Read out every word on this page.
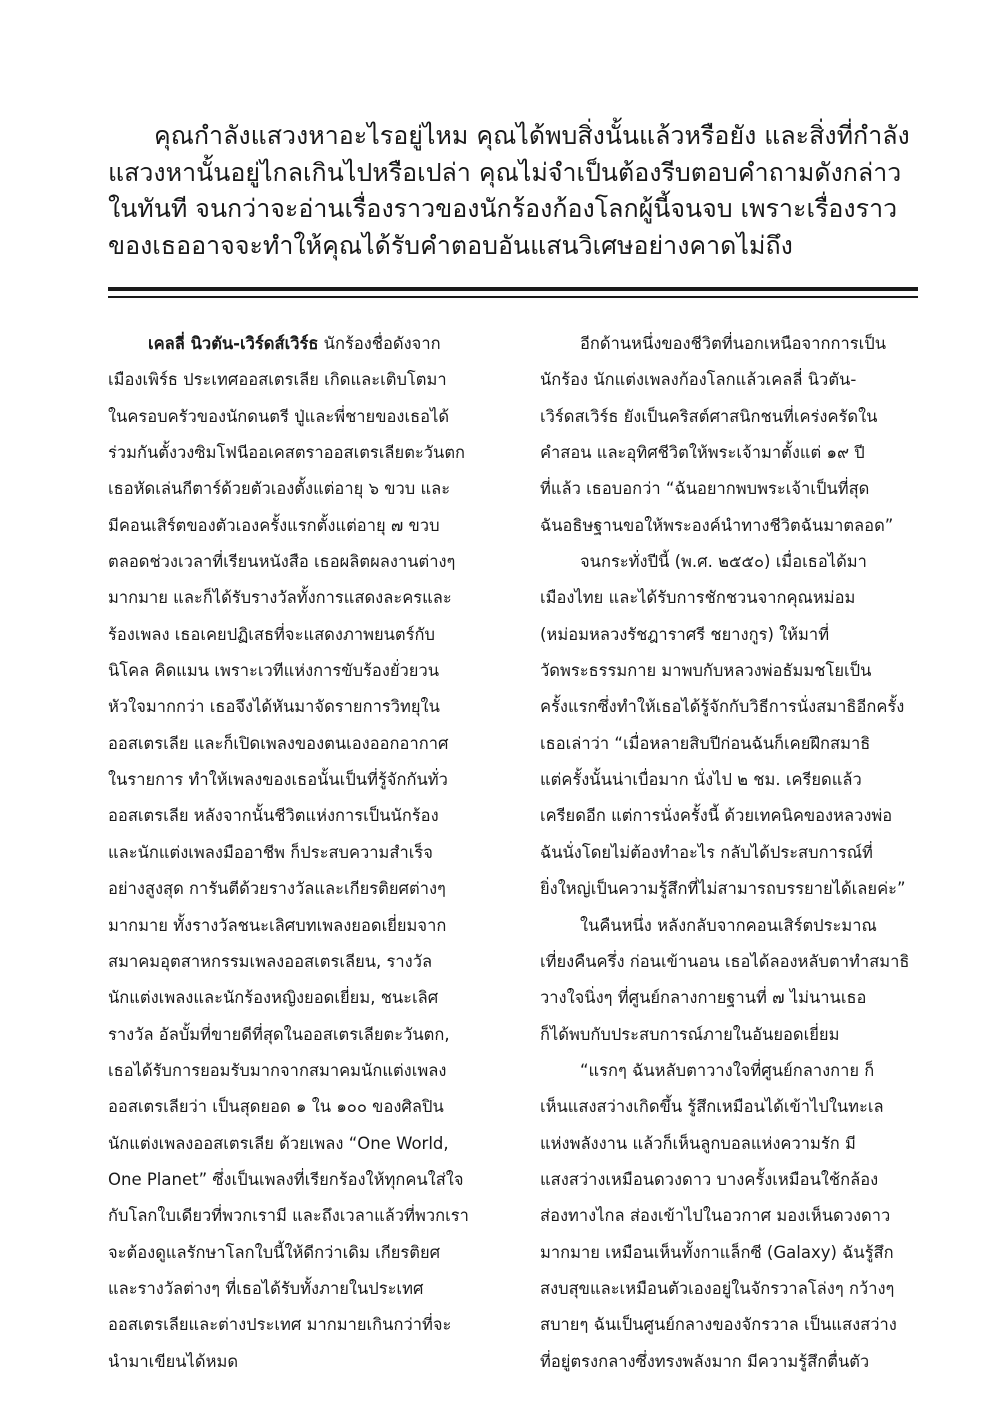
คุณกำลังแสวงหาอะไรอยู่ไหม คุณได้พบสิ่งนั้นแล้วหรือยัง และสิ่งที่กำลัง
แสวงหานั้นอยู่ไกลเกินไปหรือเปล่า คุณไม่จำเป็นต้องรีบตอบคำถามดังกล่าว
ในทันที จนกว่าจะอ่านเรื่องราวของนักร้องก้องโลกผู้นี้จนจบ เพราะเรื่องราว
ของเธออาจจะทำให้คุณได้รับคำตอบอันแสนวิเศษอย่างคาดไม่ถึง
เคลลี่ นิวตัน-เวิร์ดส์เวิร์ธ นักร้องชื่อดังจาก
เมืองเพิร์ธ ประเทศออสเตรเลีย เกิดและเติบโตมา
ในครอบครัวของนักดนตรี ปู่และพี่ชายของเธอได้
ร่วมกันตั้งวงซิมโฟนีออเคสตราออสเตรเลียตะวันตก
เธอหัดเล่นกีตาร์ด้วยตัวเองตั้งแต่อายุ ๖ ขวบ และ
มีคอนเสิร์ตของตัวเองครั้งแรกตั้งแต่อายุ ๗ ขวบ
ตลอดช่วงเวลาที่เรียนหนังสือ เธอผลิตผลงานต่างๆ
มากมาย และก็ได้รับรางวัลทั้งการแสดงละครและ
ร้องเพลง เธอเคยปฏิเสธที่จะแสดงภาพยนตร์กับ
นิโคล คิดแมน เพราะเวทีแห่งการขับร้องยั่วยวน
หัวใจมากกว่า เธอจึงได้หันมาจัดรายการวิทยุใน
ออสเตรเลีย และก็เปิดเพลงของตนเองออกอากาศ
ในรายการ ทำให้เพลงของเธอนั้นเป็นที่รู้จักกันทั่ว
ออสเตรเลีย หลังจากนั้นชีวิตแห่งการเป็นนักร้อง
และนักแต่งเพลงมืออาชีพ ก็ประสบความสำเร็จ
อย่างสูงสุด การันตีด้วยรางวัลและเกียรติยศต่างๆ
มากมาย ทั้งรางวัลชนะเลิศบทเพลงยอดเยี่ยมจาก
สมาคมอุตสาหกรรมเพลงออสเตรเลียน, รางวัล
นักแต่งเพลงและนักร้องหญิงยอดเยี่ยม, ชนะเลิศ
รางวัล อัลบั้มที่ขายดีที่สุดในออสเตรเลียตะวันตก,
เธอได้รับการยอมรับมากจากสมาคมนักแต่งเพลง
ออสเตรเลียว่า เป็นสุดยอด ๑ ใน ๑๐๐ ของศิลปิน
นักแต่งเพลงออสเตรเลีย ด้วยเพลง “One World,
One Planet” ซึ่งเป็นเพลงที่เรียกร้องให้ทุกคนใส่ใจ
กับโลกใบเดียวที่พวกเรามี และถึงเวลาแล้วที่พวกเรา
จะต้องดูแลรักษาโลกใบนี้ให้ดีกว่าเดิม เกียรติยศ
และรางวัลต่างๆ ที่เธอได้รับทั้งภายในประเทศ
ออสเตรเลียและต่างประเทศ มากมายเกินกว่าที่จะ
นำมาเขียนได้หมด
อีกด้านหนึ่งของชีวิตที่นอกเหนือจากการเป็น
นักร้อง นักแต่งเพลงก้องโลกแล้วเคลลี่ นิวตัน-
เวิร์ดสเวิร์ธ ยังเป็นคริสต์ศาสนิกชนที่เคร่งครัดใน
คำสอน และอุทิศชีวิตให้พระเจ้ามาตั้งแต่ ๑๙ ปี
ที่แล้ว เธอบอกว่า “ฉันอยากพบพระเจ้าเป็นที่สุด
ฉันอธิษฐานขอให้พระองค์นำทางชีวิตฉันมาตลอด”
จนกระทั่งปีนี้ (พ.ศ. ๒๕๕๐) เมื่อเธอได้มา
เมืองไทย และได้รับการชักชวนจากคุณหม่อม
(หม่อมหลวงรัชฎาราศรี ชยางกูร) ให้มาที่
วัดพระธรรมกาย มาพบกับหลวงพ่อธัมมชโยเป็น
ครั้งแรกซึ่งทำให้เธอได้รู้จักกับวิธีการนั่งสมาธิอีกครั้ง
เธอเล่าว่า “เมื่อหลายสิบปีก่อนฉันก็เคยฝึกสมาธิ
แต่ครั้งนั้นน่าเบื่อมาก นั่งไป ๒ ชม. เครียดแล้ว
เครียดอีก แต่การนั่งครั้งนี้ ด้วยเทคนิคของหลวงพ่อ
ฉันนั่งโดยไม่ต้องทำอะไร กลับได้ประสบการณ์ที่
ยิ่งใหญ่เป็นความรู้สึกที่ไม่สามารถบรรยายได้เลยค่ะ”
ในคืนหนึ่ง หลังกลับจากคอนเสิร์ตประมาณ
เที่ยงคืนครึ่ง ก่อนเข้านอน เธอได้ลองหลับตาทำสมาธิ
วางใจนิ่งๆ ที่ศูนย์กลางกายฐานที่ ๗ ไม่นานเธอ
ก็ได้พบกับประสบการณ์ภายในอันยอดเยี่ยม
“แรกๆ ฉันหลับตาวางใจที่ศูนย์กลางกาย ก็
เห็นแสงสว่างเกิดขึ้น รู้สึกเหมือนได้เข้าไปในทะเล
แห่งพลังงาน แล้วก็เห็นลูกบอลแห่งความรัก มี
แสงสว่างเหมือนดวงดาว บางครั้งเหมือนใช้กล้อง
ส่องทางไกล ส่องเข้าไปในอวกาศ มองเห็นดวงดาว
มากมาย เหมือนเห็นทั้งกาแล็กซี (Galaxy) ฉันรู้สึก
สงบสุขและเหมือนตัวเองอยู่ในจักรวาลโล่งๆ กว้างๆ
สบายๆ ฉันเป็นศูนย์กลางของจักรวาล เป็นแสงสว่าง
ที่อยู่ตรงกลางซึ่งทรงพลังมาก มีความรู้สึกตื่นตัว
